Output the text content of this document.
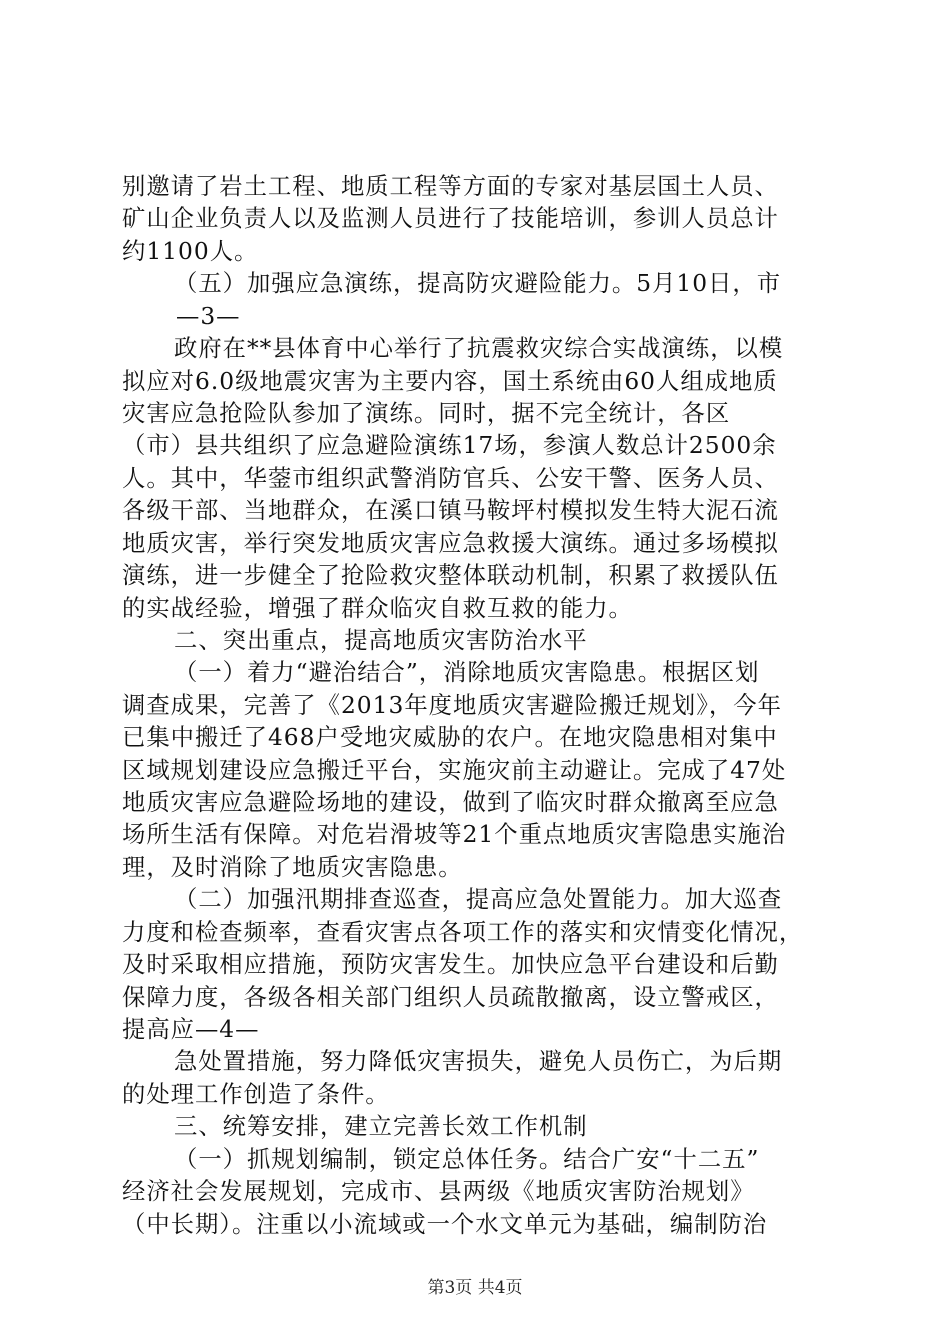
别邀请了岩土工程、地质工程等方面的专家对基层国土人员、
矿山企业负责人以及监测人员进行了技能培训，参训人员总计
约1100人。
（五）加强应急演练，提高防灾避险能力。5月10日，市
—3—
政府在**县体育中心举行了抗震救灾综合实战演练，以模
拟应对6.0级地震灾害为主要内容，国土系统由60人组成地质
灾害应急抢险队参加了演练。同时，据不完全统计，各区
（市）县共组织了应急避险演练17场，参演人数总计2500余
人。其中，华蓥市组织武警消防官兵、公安干警、医务人员、
各级干部、当地群众，在溪口镇马鞍坪村模拟发生特大泥石流
地质灾害，举行突发地质灾害应急救援大演练。通过多场模拟
演练，进一步健全了抢险救灾整体联动机制，积累了救援队伍
的实战经验，增强了群众临灾自救互救的能力。
二、突出重点，提高地质灾害防治水平
（一）着力“避治结合”，消除地质灾害隐患。根据区划
调查成果，完善了《2013年度地质灾害避险搬迁规划》，今年
已集中搬迁了468户受地灾威胁的农户。在地灾隐患相对集中
区域规划建设应急搬迁平台，实施灾前主动避让。完成了47处
地质灾害应急避险场地的建设，做到了临灾时群众撤离至应急
场所生活有保障。对危岩滑坡等21个重点地质灾害隐患实施治
理，及时消除了地质灾害隐患。
（二）加强汛期排查巡查，提高应急处置能力。加大巡查
力度和检查频率，查看灾害点各项工作的落实和灾情变化情况，
及时采取相应措施，预防灾害发生。加快应急平台建设和后勤
保障力度，各级各相关部门组织人员疏散撤离，设立警戒区，
提高应—4—
急处置措施，努力降低灾害损失，避免人员伤亡，为后期
的处理工作创造了条件。
三、统筹安排，建立完善长效工作机制
（一）抓规划编制，锁定总体任务。结合广安“十二五”
经济社会发展规划，完成市、县两级《地质灾害防治规划》
（中长期）。注重以小流域或一个水文单元为基础，编制防治
第3页 共4页
